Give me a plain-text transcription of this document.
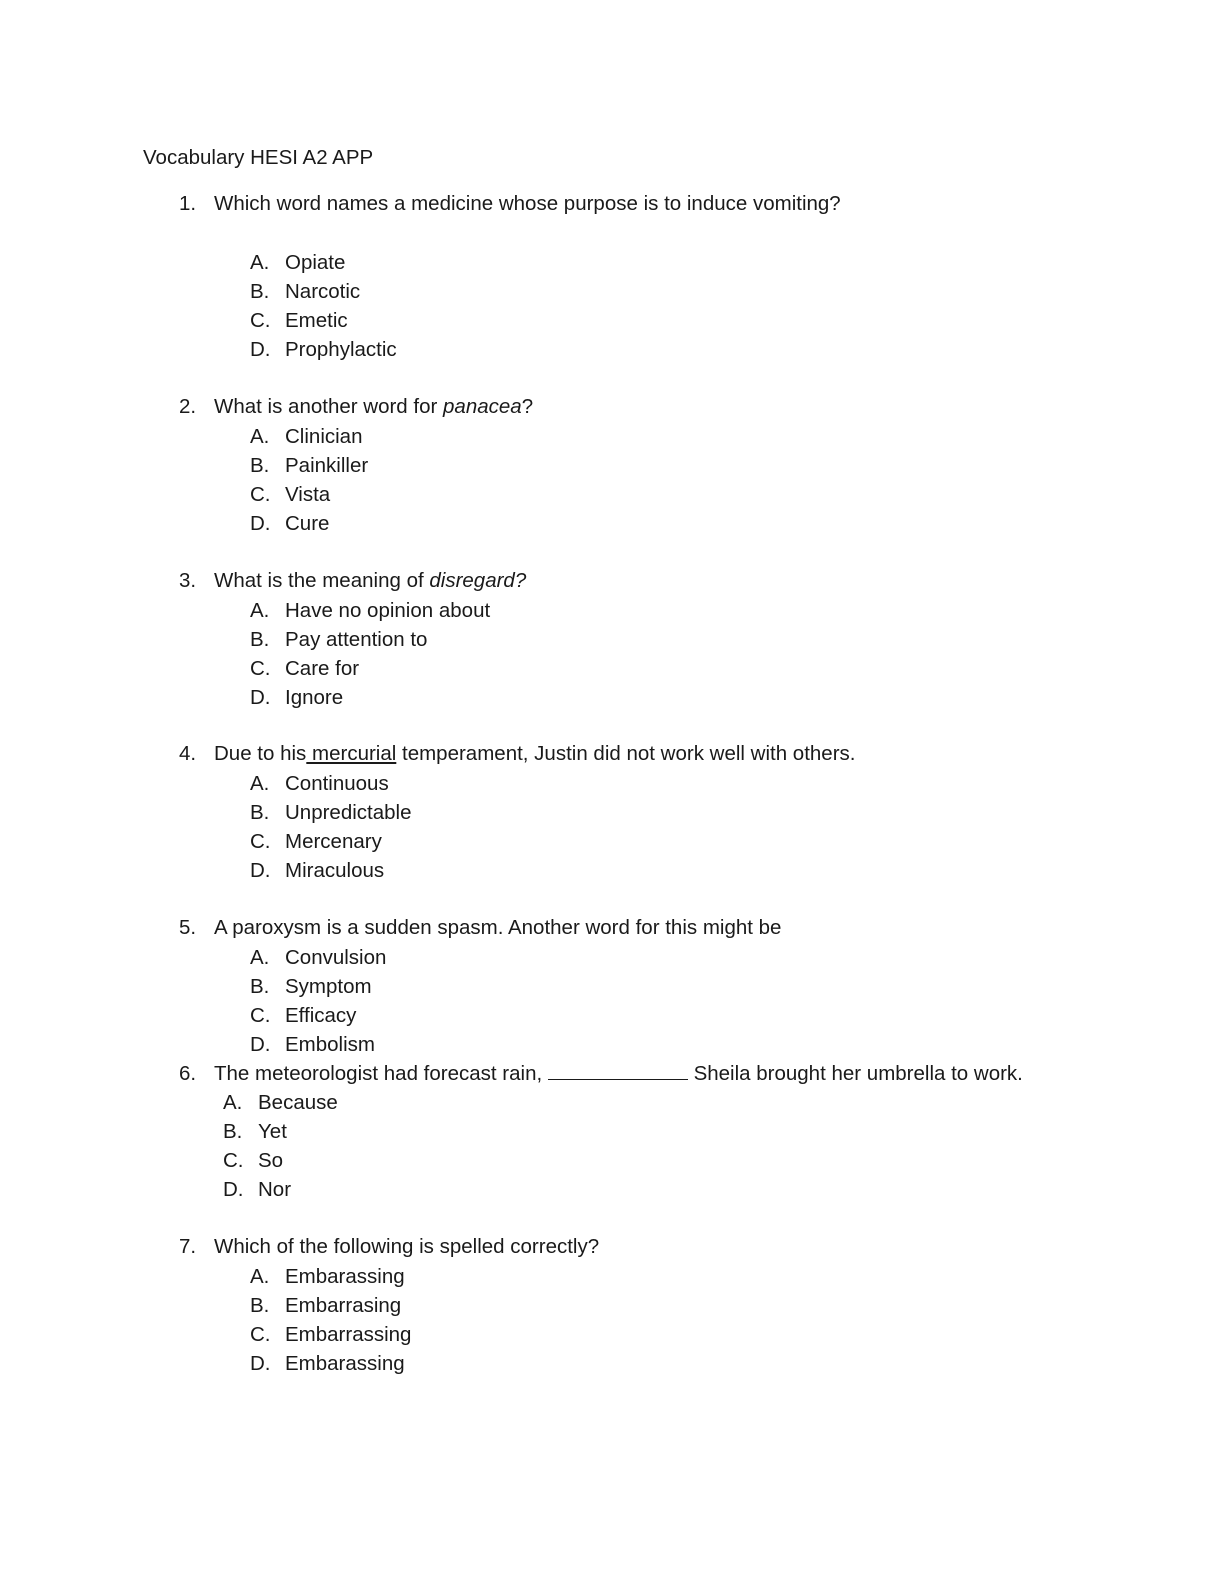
Vocabulary HESI A2 APP
1. Which word names a medicine whose purpose is to induce vomiting?
A. Opiate
B. Narcotic
C. Emetic
D. Prophylactic
2. What is another word for panacea?
A. Clinician
B. Painkiller
C. Vista
D. Cure
3. What is the meaning of disregard?
A. Have no opinion about
B. Pay attention to
C. Care for
D. Ignore
4. Due to his mercurial temperament, Justin did not work well with others.
A. Continuous
B. Unpredictable
C. Mercenary
D. Miraculous
5. A paroxysm is a sudden spasm. Another word for this might be
A. Convulsion
B. Symptom
C. Efficacy
D. Embolism
6. The meteorologist had forecast rain,	Sheila brought her umbrella to work.
A. Because
B. Yet
C. So
D. Nor
7. Which of the following is spelled correctly?
A. Embarassing
B. Embarrasing
C. Embarrassing
D. Embarassing
